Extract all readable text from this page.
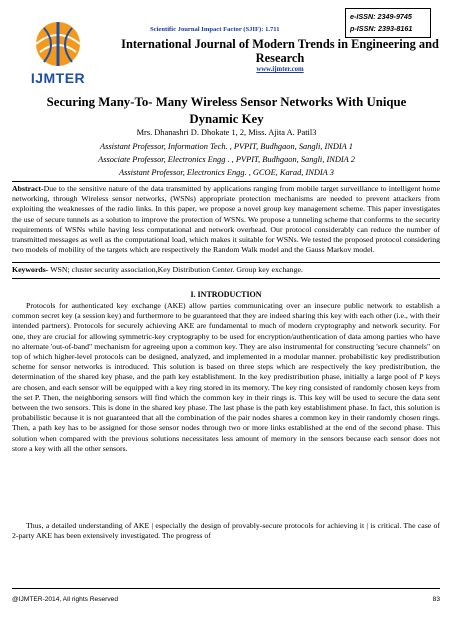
e-ISSN: 2349-9745
p-ISSN: 2393-8161
IJMTER
Scientific Journal Impact Factor (SJIF): 1.711
International Journal of Modern Trends in Engineering and Research
www.ijmter.com
Securing Many-To- Many Wireless Sensor Networks With Unique Dynamic Key
Mrs. Dhanashri D. Dhokate 1, 2, Miss. Ajita A. Patil3
Assistant Professor, Information Tech. , PVPIT, Budhgaon, Sangli, INDIA 1
Associate Professor, Electronics Engg . , PVPIT, Budhgaon, Sangli, INDIA 2
Assistant Professor, Electronics Engg. , GCOE, Karad, INDIA 3
Abstract-Due to the sensitive nature of the data transmitted by applications ranging from mobile target surveillance to intelligent home networking, through Wireless sensor networks, (WSNs) appropriate protection mechanisms are needed to prevent attackers from exploiting the weaknesses of the radio links. In this paper, we propose a novel group key management scheme. This paper investigates the use of secure tunnels as a solution to improve the protection of WSNs. We propose a tunneling scheme that conforms to the security requirements of WSNs while having less computational and network overhead. Our protocol considerably can reduce the number of transmitted messages as well as the computational load, which makes it suitable for WSNs. We tested the proposed protocol considering two models of mobility of the targets which are respectively the Random Walk model and the Gauss Markov model.
Keywords- WSN; cluster security association,Key Distribution Center. Group key exchange.
I. INTRODUCTION

Protocols for authenticated key exchange (AKE) allow parties communicating over an insecure public network to establish a common secret key (a session key) and furthermore to be guaranteed that they are indeed sharing this key with each other (i.e., with their intended partners). Protocols for securely achieving AKE are fundamental to much of modern cryptography and network security. For one, they are crucial for allowing symmetric-key cryptography to be used for encryption/authentication of data among parties who have no alternate 'out-of-band" mechanism for agreeing upon a common key. They are also instrumental for constructing 'secure channels" on top of which higher-level protocols can be designed, analyzed, and implemented in a modular manner. probabilistic key predistribution scheme for sensor networks is introduced. This solution is based on three steps which are respectively the key predistribution, the determination of the shared key phase, and the path key establishment. In the key predistribution phase, initially a large pool of P keys are chosen, and each sensor will be equipped with a key ring stored in its memory. The key ring consisted of randomly chosen keys from the set P. Then, the neighboring sensors will find which the common key in their rings is. This key will be used to secure the data sent between the two sensors. This is done in the shared key phase. The last phase is the path key establishment phase. In fact, this solution is probabilistic because it is not guaranteed that all the combination of the pair nodes shares a common key in their randomly chosen rings. Then, a path key has to be assigned for those sensor nodes through two or more links established at the end of the second phase. This solution when compared with the previous solutions necessitates less amount of memory in the sensors because each sensor does not store a key with all the other sensors.

Thus, a detailed understanding of AKE | especially the design of provably-secure protocols for achieving it | is critical. The case of 2-party AKE has been extensively investigated. The progress of

@IJMTER-2014, All rights Reserved	83
